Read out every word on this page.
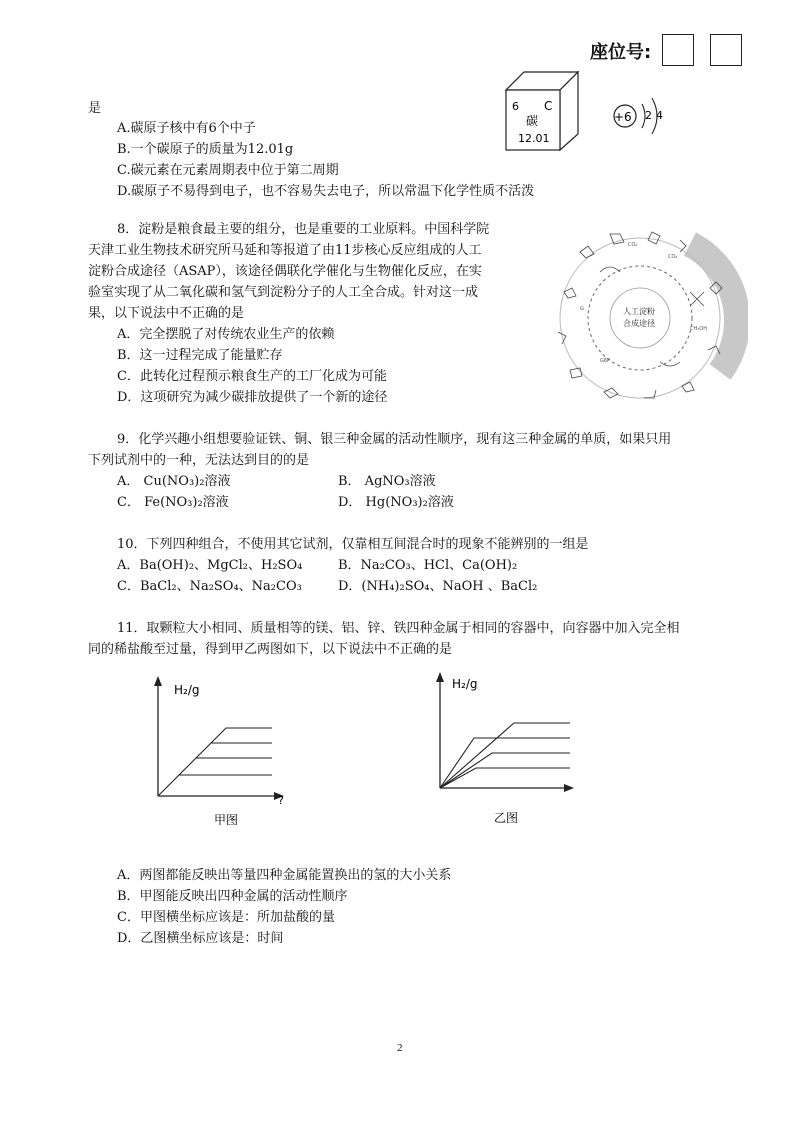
座位号:
是
A.碳原子核中有6个中子
B.一个碳原子的质量为12.01g
C.碳元素在元素周期表中位于第二周期
D.碳原子不易得到电子，也不容易失去电子，所以常温下化学性质不活泼
6 C
碳
12.01
+6 2 4
8．淀粉是粮食最主要的组分，也是重要的工业原料。中国科学院
天津工业生物技术研究所马延和等报道了由11步核心反应组成的人工
淀粉合成途径（ASAP），该途径偶联化学催化与生物催化反应，在实
验室实现了从二氧化碳和氢气到淀粉分子的人工全合成。针对这一成
果，以下说法中不正确的是
A．完全摆脱了对传统农业生产的依赖
B．这一过程完成了能量贮存
C．此转化过程预示粮食生产的工厂化成为可能
D．这项研究为减少碳排放提供了一个新的途径
CO₂
CO₂
G
CH₃OH
G6P
人工淀粉
合成途径
9．化学兴趣小组想要验证铁、铜、银三种金属的活动性顺序，现有这三种金属的单质，如果只用
下列试剂中的一种，无法达到目的的是
A． Cu(NO₃)₂溶液	B． AgNO₃溶液
C． Fe(NO₃)₂溶液	D． Hg(NO₃)₂溶液
10．下列四种组合，不使用其它试剂，仅靠相互间混合时的现象不能辨别的一组是
A．Ba(OH)₂、MgCl₂、H₂SO₄	B．Na₂CO₃、HCl、Ca(OH)₂
C．BaCl₂、Na₂SO₄、Na₂CO₃	D．(NH₄)₂SO₄、NaOH 、BaCl₂
11．取颗粒大小相同、质量相等的镁、铝、锌、铁四种金属于相同的容器中，向容器中加入完全相
同的稀盐酸至过量，得到甲乙两图如下，以下说法中不正确的是
H₂/g
?
甲图
H₂/g
乙图
A．两图都能反映出等量四种金属能置换出的氢的大小关系
B．甲图能反映出四种金属的活动性顺序
C．甲图横坐标应该是：所加盐酸的量
D．乙图横坐标应该是：时间
2
